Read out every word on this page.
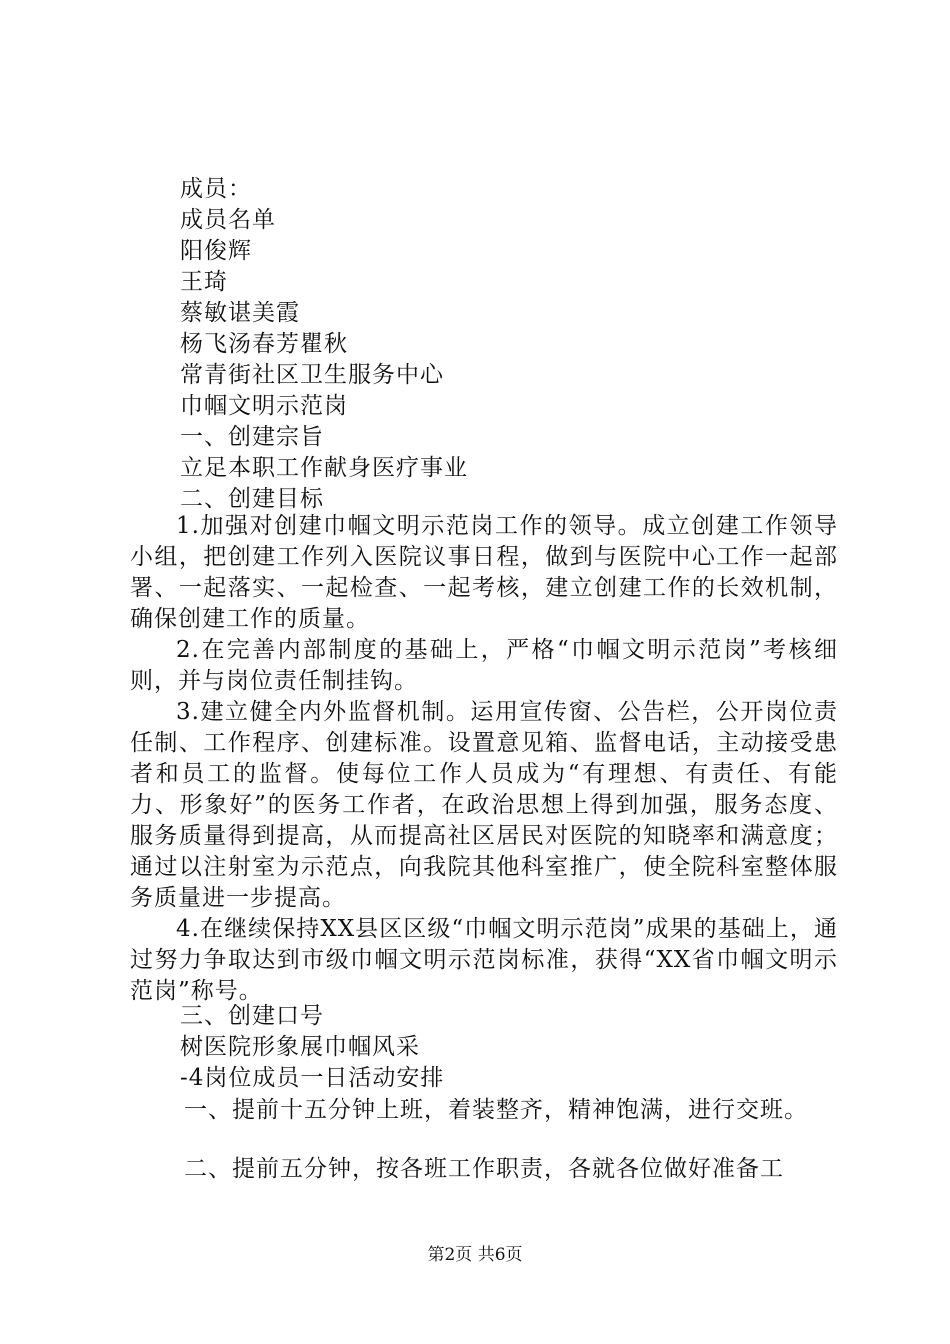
成员：
成员名单
阳俊辉
王琦
蔡敏谌美霞
杨飞汤春芳瞿秋
常青街社区卫生服务中心
巾帼文明示范岗
一、创建宗旨
立足本职工作献身医疗事业
二、创建目标
1.加强对创建巾帼文明示范岗工作的领导。成立创建工作领导小组，把创建工作列入医院议事日程，做到与医院中心工作一起部署、一起落实、一起检查、一起考核，建立创建工作的长效机制，确保创建工作的质量。
2.在完善内部制度的基础上，严格“巾帼文明示范岗”考核细则，并与岗位责任制挂钩。
3.建立健全内外监督机制。运用宣传窗、公告栏，公开岗位责任制、工作程序、创建标准。设置意见箱、监督电话，主动接受患者和员工的监督。使每位工作人员成为“有理想、有责任、有能力、形象好”的医务工作者，在政治思想上得到加强，服务态度、服务质量得到提高，从而提高社区居民对医院的知晓率和满意度；通过以注射室为示范点，向我院其他科室推广，使全院科室整体服务质量进一步提高。
4.在继续保持XX县区区级“巾帼文明示范岗”成果的基础上，通过努力争取达到市级巾帼文明示范岗标准，获得“XX省巾帼文明示范岗”称号。
三、创建口号
树医院形象展巾帼风采
-4岗位成员一日活动安排
一、提前十五分钟上班，着装整齐，精神饱满，进行交班。
二、提前五分钟，按各班工作职责，各就各位做好准备工
第2页 共6页
